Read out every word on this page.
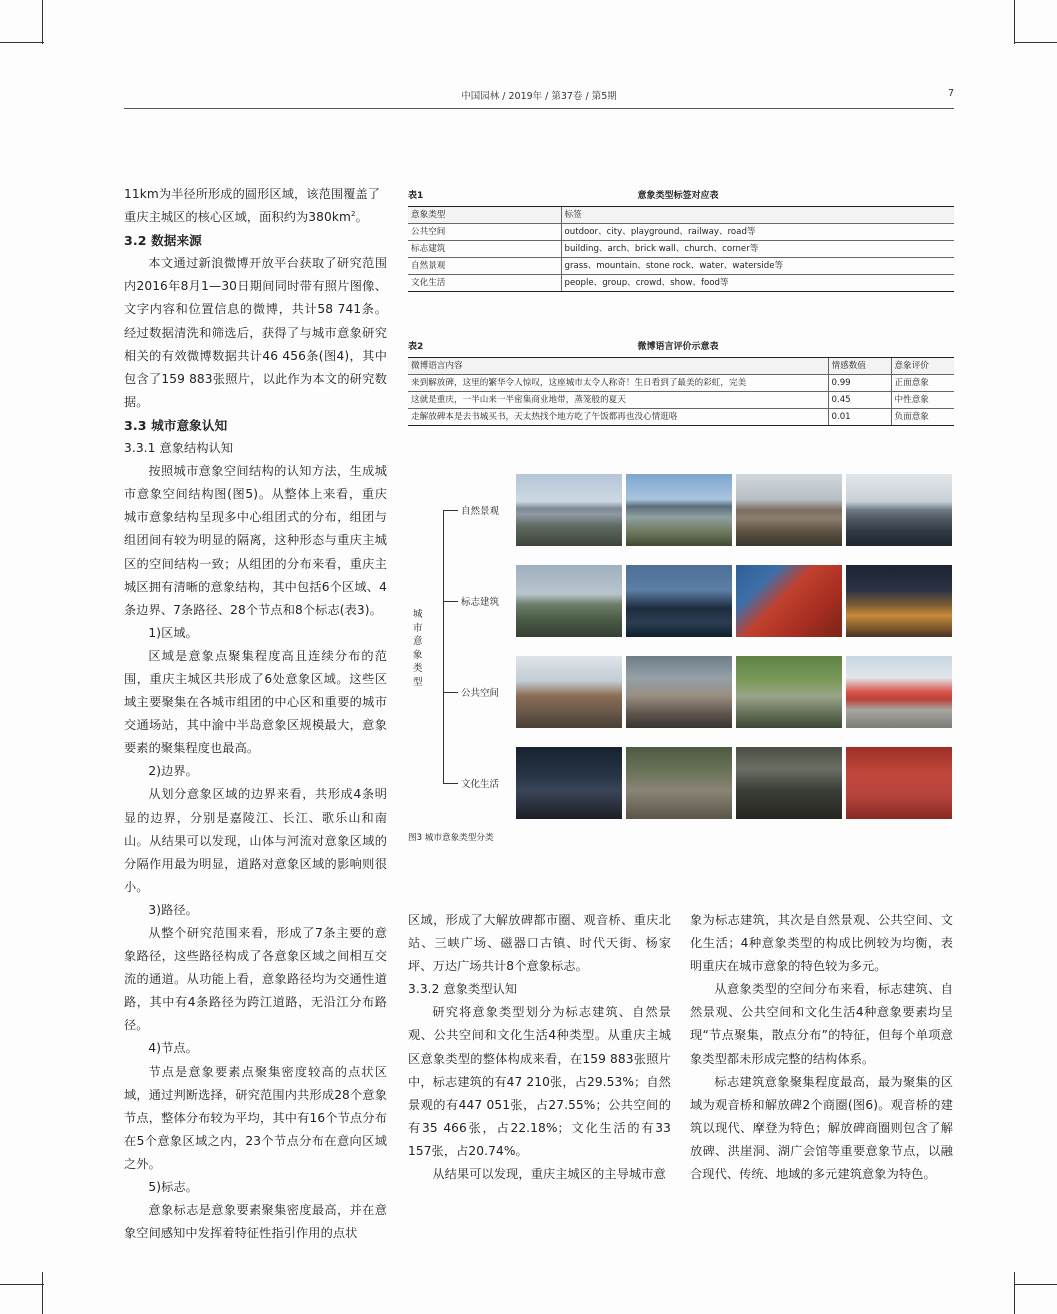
中国园林 / 2019年 / 第37卷 / 第5期	7

11km为半径所形成的圆形区域，该范围覆盖了

重庆主城区的核心区域，面积约为$380km^2$。

3.2 数据来源

本文通过新浪微博开放平台获取了研究范围内2016年8月1—30日期间同时带有照片图像、文字内容和位置信息的微博，共计58 741条。经过数据清洗和筛选后，获得了与城市意象研究相关的有效微博数据共计46 456条(图4)，其中包含了159 883张照片，以此作为本文的研究数据。

3.3 城市意象认知

3.3.1 意象结构认知

按照城市意象空间结构的认知方法，生成城市意象空间结构图(图5)。从整体上来看，重庆城市意象结构呈现多中心组团式的分布，组团与组团间有较为明显的隔离，这种形态与重庆主城区的空间结构一致；从组团的分布来看，重庆主城区拥有清晰的意象结构，其中包括6个区域、4条边界、7条路径、28个节点和8个标志(表3)。

1)区域。

区域是意象点聚集程度高且连续分布的范围，重庆主城区共形成了6处意象区域。这些区域主要聚集在各城市组团的中心区和重要的城市交通场站，其中渝中半岛意象区规模最大，意象要素的聚集程度也最高。

2)边界。

从划分意象区域的边界来看，共形成4条明显的边界，分别是嘉陵江、长江、歌乐山和南山。从结果可以发现，山体与河流对意象区域的分隔作用最为明显，道路对意象区域的影响则很小。

3)路径。

从整个研究范围来看，形成了7条主要的意象路径，这些路径构成了各意象区域之间相互交流的通道。从功能上看，意象路径均为交通性道路，其中有4条路径为跨江道路，无沿江分布路径。

4)节点。

节点是意象要素点聚集密度较高的点状区域，通过判断选择，研究范围内共形成28个意象节点，整体分布较为平均，其中有16个节点分布在5个意象区域之内，23个节点分布在意向区域之外。

5)标志。

意象标志是意象要素聚集密度最高，并在意象空间感知中发挥着特征性指引作用的点状

区域，形成了大解放碑都市圈、观音桥、重庆北站、三峡广场、磁器口古镇、时代天街、杨家坪、万达广场共计8个意象标志。

3.3.2 意象类型认知

研究将意象类型划分为标志建筑、自然景观、公共空间和文化生活4种类型。从重庆主城区意象类型的整体构成来看，在159 883张照片中，标志建筑的有47 210张，占29.53%；自然景观的有447 051张，占27.55%；公共空间的有35 466张，占22.18%；文化生活的有33 157张，占20.74%。

从结果可以发现，重庆主城区的主导城市意

象为标志建筑，其次是自然景观、公共空间、文化生活；4种意象类型的构成比例较为均衡，表明重庆在城市意象的特色较为多元。

从意象类型的空间分布来看，标志建筑、自然景观、公共空间和文化生活4种意象要素均呈现“节点聚集，散点分布”的特征，但每个单项意象类型都未形成完整的结构体系。

标志建筑意象聚集程度最高，最为聚集的区域为观音桥和解放碑2个商圈(图6)。观音桥的建筑以现代、摩登为特色；解放碑商圈则包含了解放碑、洪崖洞、湖广会馆等重要意象节点，以融合现代、传统、地域的多元建筑意象为特色。

表1	意象类型标签对应表
意象类型	标签
公共空间	outdoor、city、playground、railway、road等
标志建筑	building、arch、brick wall、church、corner等
自然景观	grass、mountain、stone rock、water、waterside等
文化生活	people、group、crowd、show、food等
表2	微博语言评价示意表
微博语言内容	情感数值	意象评价
来到解放碑，这里的繁华令人惊叹，这座城市太令人称奇！生日看到了最美的彩虹，完美	0.99	正面意象
这就是重庆，一半山来一半密集商业地带，蒸笼般的夏天	0.45	中性意象
走解放碑本是去书城买书，天太热找个地方吃了午饭都再也没心情逛咯	0.01	负面意象
城市意象类型
自然景观
标志建筑
公共空间
文化生活
图3 城市意象类型分类
